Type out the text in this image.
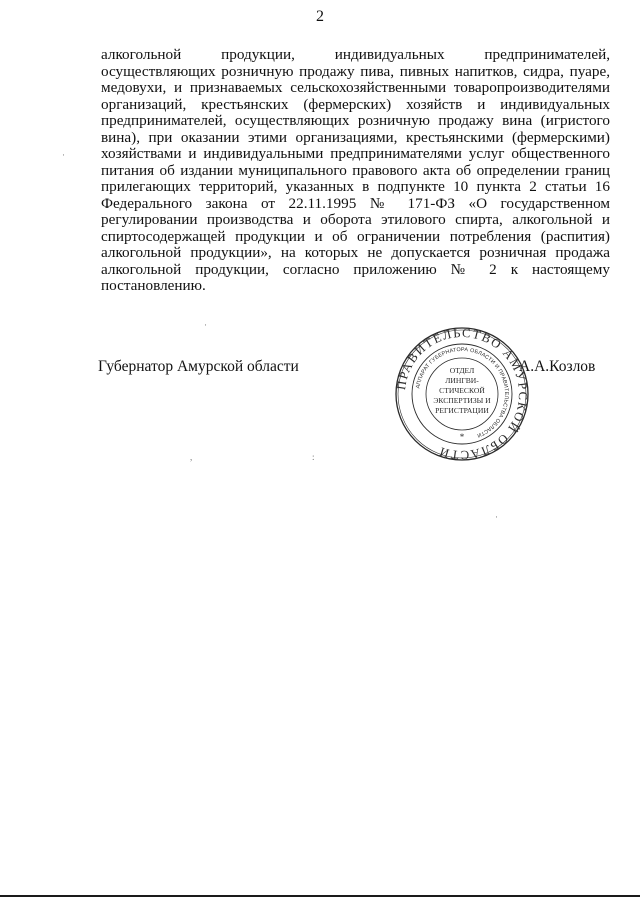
2
алкогольной продукции, индивидуальных предпринимателей,
осуществляющих розничную продажу пива, пивных напитков, сидра, пуаре,
медовухи, и признаваемых сельскохозяйственными товаропроизводителями
организаций, крестьянских (фермерских) хозяйств и индивидуальных
предпринимателей, осуществляющих розничную продажу вина (игристого
вина), при оказании этими организациями, крестьянскими (фермерскими)
хозяйствами и индивидуальными предпринимателями услуг общественного
питания об издании муниципального правового акта об определении границ
прилегающих территорий, указанных в подпункте 10 пункта 2 статьи 16
Федерального закона от 22.11.1995 № 171-ФЗ «О государственном
регулировании производства и оборота этилового спирта, алкогольной и
спиртосодержащей продукции и об ограничении потребления (распития)
алкогольной продукции», на которых не допускается розничная продажа
алкогольной продукции, согласно приложению № 2 к настоящему
постановлению.
Губернатор Амурской области
ПРАВИТЕЛЬСТВО АМУРСКОЙ ОБЛАСТИ
АППАРАТ ГУБЕРНАТОРА ОБЛАСТИ И ПРАВИТЕЛЬСТВА ОБЛАСТИ
ОТДЕЛ
ЛИНГВИ-
СТИЧЕСКОЙ
ЭКСПЕРТИЗЫ И
РЕГИСТРАЦИИ
*
А.А.Козлов
·
·
,	:
·
